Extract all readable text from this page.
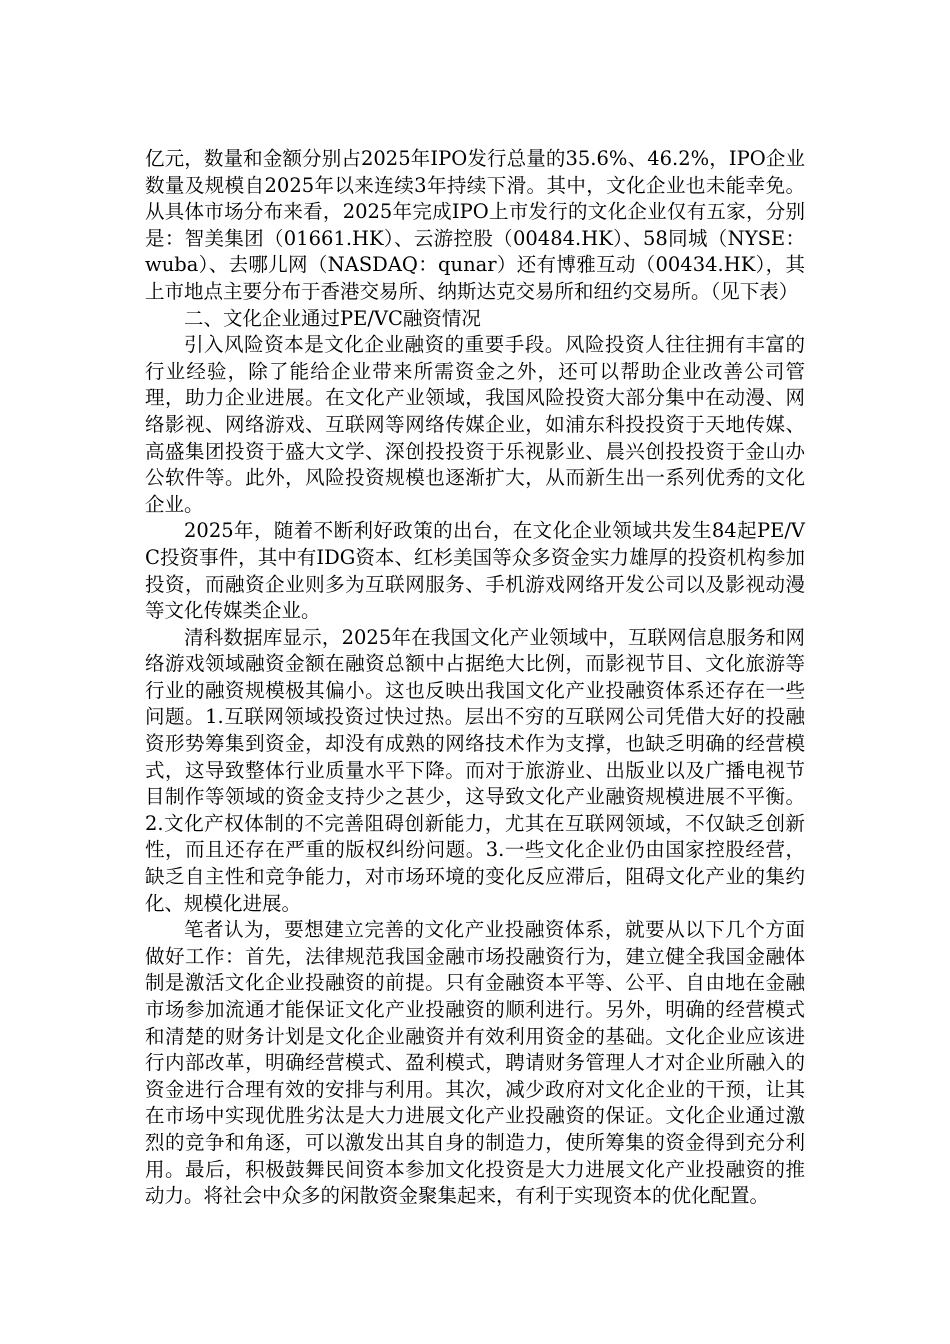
亿元，数量和金额分别占2025年IPO发行总量的35.6%、46.2%，IPO企业数量及规模自2025年以来连续3年持续下滑。其中，文化企业也未能幸免。从具体市场分布来看，2025年完成IPO上市发行的文化企业仅有五家，分别是：智美集团（01661.HK）、云游控股（00484.HK）、58同城（NYSE：wuba）、去哪儿网（NASDAQ：qunar）还有博雅互动（00434.HK），其上市地点主要分布于香港交易所、纳斯达克交易所和纽约交易所。（见下表）

二、文化企业通过PE/VC融资情况

引入风险资本是文化企业融资的重要手段。风险投资人往往拥有丰富的行业经验，除了能给企业带来所需资金之外，还可以帮助企业改善公司管理，助力企业进展。在文化产业领域，我国风险投资大部分集中在动漫、网络影视、网络游戏、互联网等网络传媒企业，如浦东科投投资于天地传媒、高盛集团投资于盛大文学、深创投投资于乐视影业、晨兴创投投资于金山办公软件等。此外，风险投资规模也逐渐扩大，从而新生出一系列优秀的文化企业。

2025年，随着不断利好政策的出台，在文化企业领域共发生84起PE/VC投资事件，其中有IDG资本、红杉美国等众多资金实力雄厚的投资机构参加投资，而融资企业则多为互联网服务、手机游戏网络开发公司以及影视动漫等文化传媒类企业。

清科数据库显示，2025年在我国文化产业领域中，互联网信息服务和网络游戏领域融资金额在融资总额中占据绝大比例，而影视节目、文化旅游等行业的融资规模极其偏小。这也反映出我国文化产业投融资体系还存在一些问题。1.互联网领域投资过快过热。层出不穷的互联网公司凭借大好的投融资形势筹集到资金，却没有成熟的网络技术作为支撑，也缺乏明确的经营模式，这导致整体行业质量水平下降。而对于旅游业、出版业以及广播电视节目制作等领域的资金支持少之甚少，这导致文化产业融资规模进展不平衡。2.文化产权体制的不完善阻碍创新能力，尤其在互联网领域，不仅缺乏创新性，而且还存在严重的版权纠纷问题。3.一些文化企业仍由国家控股经营，缺乏自主性和竞争能力，对市场环境的变化反应滞后，阻碍文化产业的集约化、规模化进展。

笔者认为，要想建立完善的文化产业投融资体系，就要从以下几个方面做好工作：首先，法律规范我国金融市场投融资行为，建立健全我国金融体制是激活文化企业投融资的前提。只有金融资本平等、公平、自由地在金融市场参加流通才能保证文化产业投融资的顺利进行。另外，明确的经营模式和清楚的财务计划是文化企业融资并有效利用资金的基础。文化企业应该进行内部改革，明确经营模式、盈利模式，聘请财务管理人才对企业所融入的资金进行合理有效的安排与利用。其次，减少政府对文化企业的干预，让其在市场中实现优胜劣汰是大力进展文化产业投融资的保证。文化企业通过激烈的竞争和角逐，可以激发出其自身的制造力，使所筹集的资金得到充分利用。最后，积极鼓舞民间资本参加文化投资是大力进展文化产业投融资的推动力。将社会中众多的闲散资金聚集起来，有利于实现资本的优化配置。
